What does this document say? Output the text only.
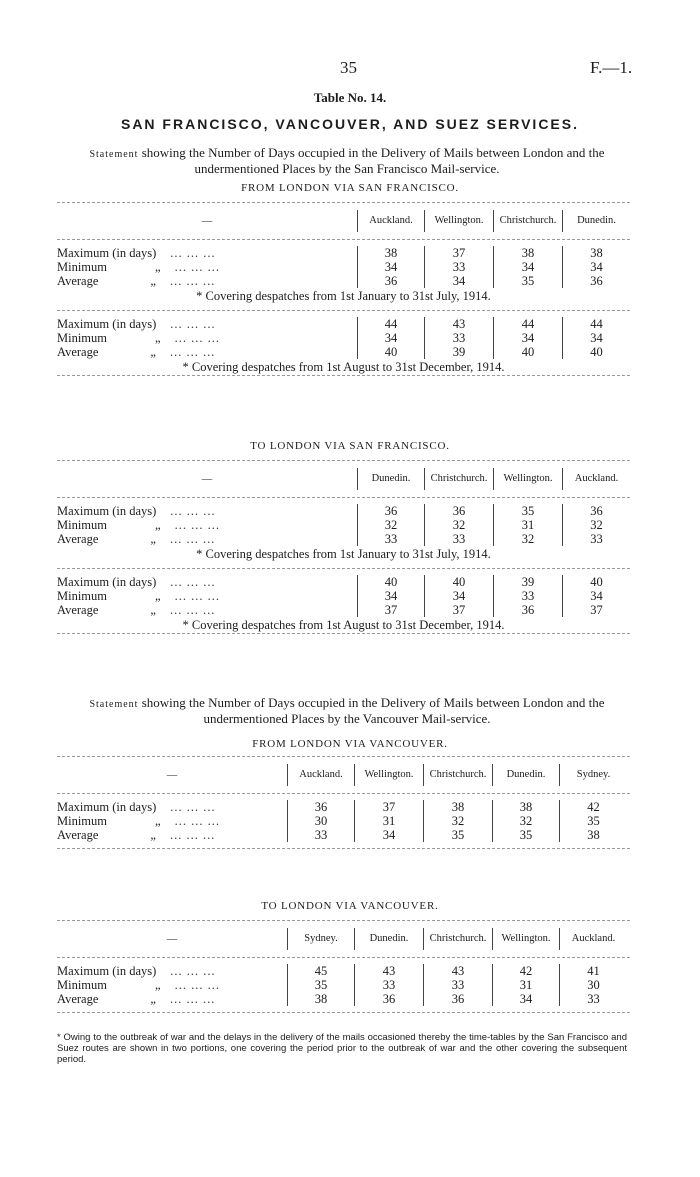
35	F.—1.
Table No. 14.
SAN FRANCISCO, VANCOUVER, AND SUEZ SERVICES.
Statement showing the Number of Days occupied in the Delivery of Mails between London and the undermentioned Places by the San Francisco Mail-service.
FROM LONDON VIA SAN FRANCISCO.
—	Auckland.	Wellington.	Christchurch.	Dunedin.
Maximum (in days)	... ... ...	38	37	38	38
Minimum	„	... ... ...	34	33	34	34
Average	„	... ... ...	36	34	35	36
* Covering despatches from 1st January to 31st July, 1914.
Maximum (in days)	... ... ...	44	43	44	44
Minimum	„	... ... ...	34	33	34	34
Average	„	... ... ...	40	39	40	40
* Covering despatches from 1st August to 31st December, 1914.
TO LONDON VIA SAN FRANCISCO.
—	Dunedin.	Christchurch.	Wellington.	Auckland.
Maximum (in days)	... ... ...	36	36	35	36
Minimum	„	... ... ...	32	32	31	32
Average	„	... ... ...	33	33	32	33
* Covering despatches from 1st January to 31st July, 1914.
Maximum (in days)	... ... ...	40	40	39	40
Minimum	„	... ... ...	34	34	33	34
Average	„	... ... ...	37	37	36	37
* Covering despatches from 1st August to 31st December, 1914.
Statement showing the Number of Days occupied in the Delivery of Mails between London and the undermentioned Places by the Vancouver Mail-service.
FROM LONDON VIA VANCOUVER.
—	Auckland.	Wellington.	Christchurch.	Dunedin.	Sydney.
Maximum (in days)	... ... ...	36	37	38	38	42
Minimum	„	... ... ...	30	31	32	32	35
Average	„	... ... ...	33	34	35	35	38
TO LONDON VIA VANCOUVER.
—	Sydney.	Dunedin.	Christchurch.	Wellington.	Auckland.
Maximum (in days)	... ... ...	45	43	43	42	41
Minimum	„	... ... ...	35	33	33	31	30
Average	„	... ... ...	38	36	36	34	33
* Owing to the outbreak of war and the delays in the delivery of the mails occasioned thereby the time-tables by the San Francisco and Suez routes are shown in two portions, one covering the period prior to the outbreak of war and the other covering the subsequent period.
